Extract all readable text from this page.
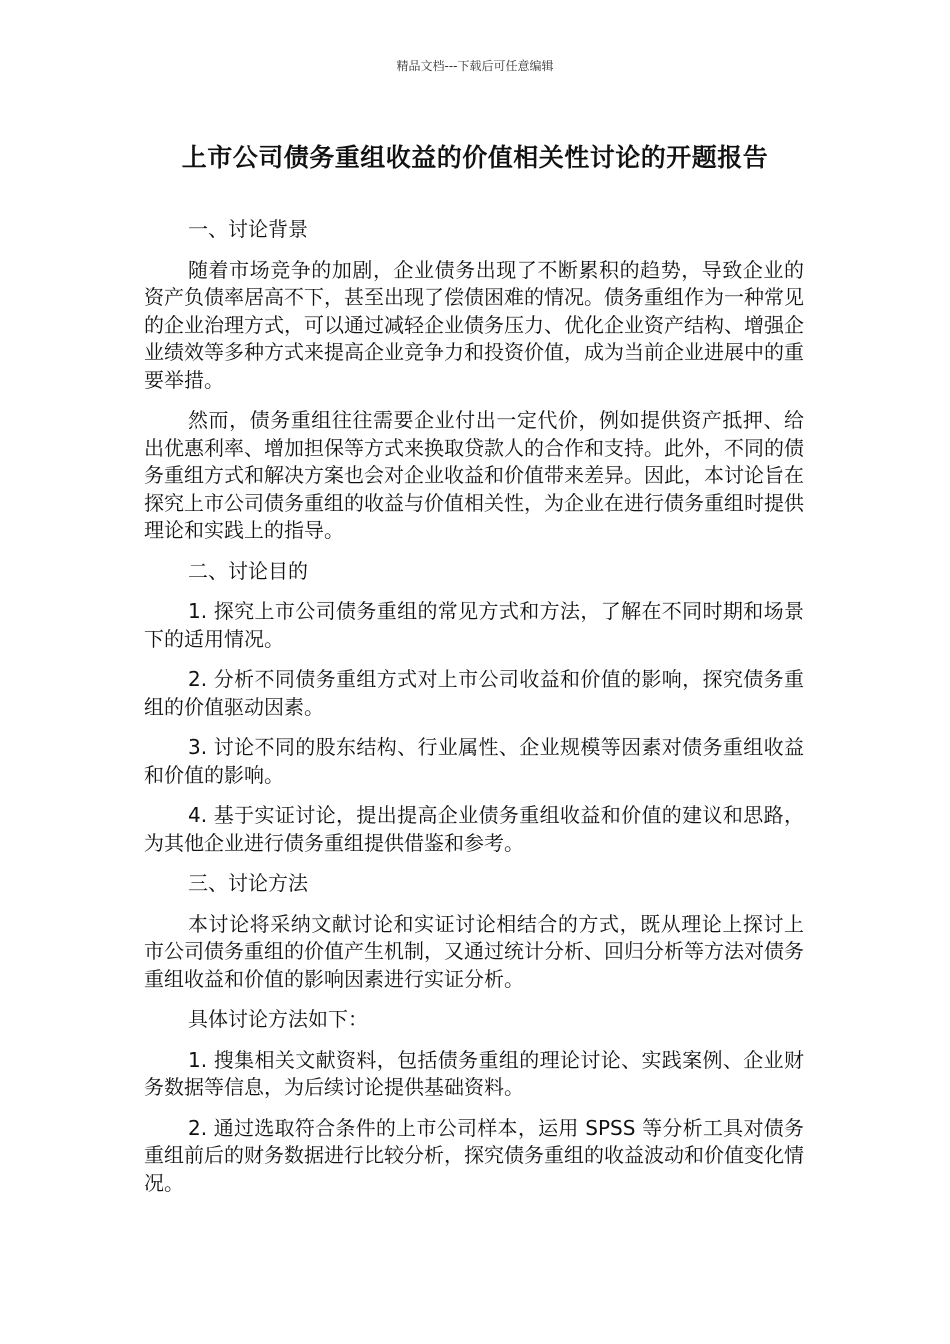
精品文档---下载后可任意编辑
上市公司债务重组收益的价值相关性讨论的开题报告

一、讨论背景

随着市场竞争的加剧，企业债务出现了不断累积的趋势，导致企业的资产负债率居高不下，甚至出现了偿债困难的情况。债务重组作为一种常见的企业治理方式，可以通过减轻企业债务压力、优化企业资产结构、增强企业绩效等多种方式来提高企业竞争力和投资价值，成为当前企业进展中的重要举措。

然而，债务重组往往需要企业付出一定代价，例如提供资产抵押、给出优惠利率、增加担保等方式来换取贷款人的合作和支持。此外，不同的债务重组方式和解决方案也会对企业收益和价值带来差异。因此，本讨论旨在探究上市公司债务重组的收益与价值相关性，为企业在进行债务重组时提供理论和实践上的指导。

二、讨论目的

1. 探究上市公司债务重组的常见方式和方法，了解在不同时期和场景下的适用情况。

2. 分析不同债务重组方式对上市公司收益和价值的影响，探究债务重组的价值驱动因素。

3. 讨论不同的股东结构、行业属性、企业规模等因素对债务重组收益和价值的影响。

4. 基于实证讨论，提出提高企业债务重组收益和价值的建议和思路，为其他企业进行债务重组提供借鉴和参考。

三、讨论方法

本讨论将采纳文献讨论和实证讨论相结合的方式，既从理论上探讨上市公司债务重组的价值产生机制，又通过统计分析、回归分析等方法对债务重组收益和价值的影响因素进行实证分析。

具体讨论方法如下：

1. 搜集相关文献资料，包括债务重组的理论讨论、实践案例、企业财务数据等信息，为后续讨论提供基础资料。

2. 通过选取符合条件的上市公司样本，运用 SPSS 等分析工具对债务重组前后的财务数据进行比较分析，探究债务重组的收益波动和价值变化情况。
